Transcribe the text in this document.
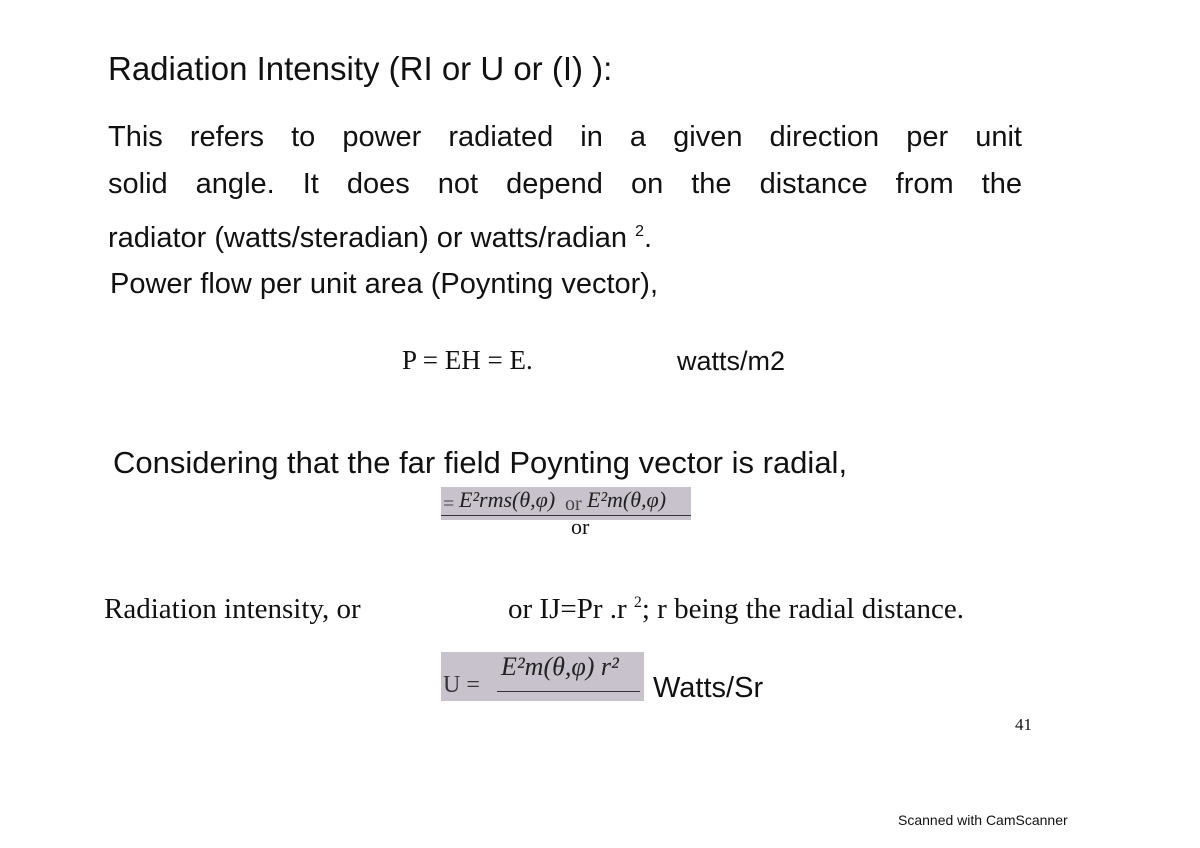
Radiation Intensity (RI or U or (I) ):
This refers to power radiated in a given direction per unit
solid angle. It does not depend on the distance from the
radiator (watts/steradian) or watts/radian $^2$.
Power flow per unit area (Poynting vector),
P = EH = E.	watts/m2
Considering that the far field Poynting vector is radial,
= E²rms(θ,φ) or E²m(θ,φ)
or
Radiation intensity, or	or IJ=Pr .r $^2$; r being the radial distance.
U =
E²m(θ,φ) r²
Watts/Sr
41
Scanned with CamScanner
